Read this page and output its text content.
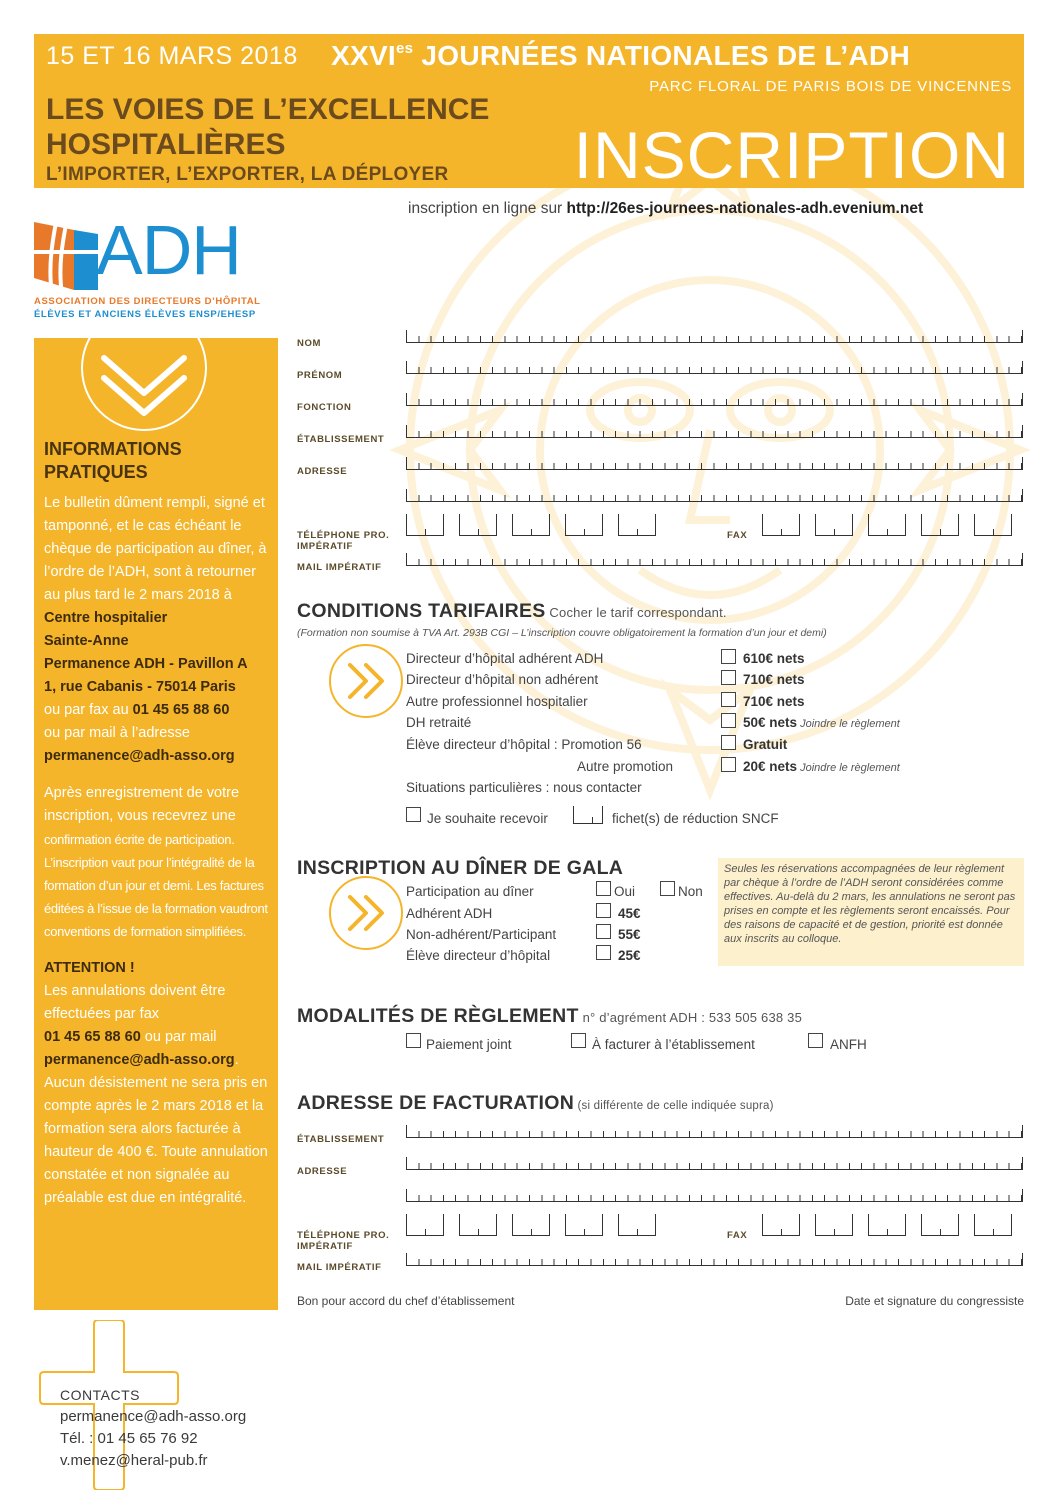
15 ET 16 MARS 2018 $XXVI^{es}$ JOURNÉES NATIONALES DE L’ADH
PARC FLORAL DE PARIS BOIS DE VINCENNES
LES VOIES DE L’EXCELLENCE
HOSPITALIÈRES
L’IMPORTER, L’EXPORTER, LA DÉPLOYER INSCRIPTION
ADH
ASSOCIATION DES DIRECTEURS D’HÔPITAL
ÉLÈVES ET ANCIENS ÉLÈVES ENSP/EHESP
inscription en ligne sur http://26es-journees-nationales-adh.evenium.net
INFORMATIONS PRATIQUES

Le bulletin dûment rempli, signé et tamponné, et le cas échéant le chèque de participation au dîner, à l’ordre de l’ADH, sont à retourner au plus tard le 2 mars 2018 à

Centre hospitalier

Sainte-Anne

Permanence ADH - Pavillon A

1, rue Cabanis - 75014 Paris

ou par fax au 01 45 65 88 60

ou par mail à l’adresse

permanence@adh-asso.org

Après enregistrement de votre inscription, vous recevrez une

confirmation écrite de participation. L’inscription vaut pour l’intégralité de la formation d’un jour et demi. Les factures éditées à l’issue de la formation vaudront conventions de formation simplifiées.

ATTENTION !

Les annulations doivent être effectuées par fax
01 45 65 88 60 ou par mail
permanence@adh-asso.org. Aucun désistement ne sera pris en compte après le 2 mars 2018 et la formation sera alors facturée à hauteur de 400 €. Toute annulation constatée et non signalée au préalable est due en intégralité.

CONTACTS
permanence@adh-asso.org
Tél. : 01 45 65 76 92
v.menez@heral-pub.fr
NOM
PRÉNOM
FONCTION
ÉTABLISSEMENT
ADRESSE
TÉLÉPHONE PRO.
IMPÉRATIF
FAX
MAIL IMPÉRATIF
CONDITIONS TARIFAIRES Cocher le tarif correspondant.
(Formation non soumise à TVA Art. 293B CGI – L’inscription couvre obligatoirement la formation d’un jour et demi)
Directeur d’hôpital adhérent ADH	610€ nets
Directeur d’hôpital non adhérent	710€ nets
Autre professionnel hospitalier	710€ nets
DH retraité	50€ nets Joindre le règlement
Élève directeur d’hôpital : Promotion 56	Gratuit
Autre promotion	20€ nets Joindre le règlement
Situations particulières : nous contacter
Je souhaite recevoir	fichet(s) de réduction SNCF
INSCRIPTION AU DÎNER DE GALA	Seules les réservations accompagnées de leur règlement par chèque à l’ordre de l’ADH seront considérées comme effectives. Au-delà du 2 mars, les annulations ne seront pas prises en compte et les règlements seront encaissés. Pour des raisons de capacité et de gestion, priorité est donnée aux inscrits au colloque.
Participation au dîner	Oui	Non
Adhérent ADH	45€
Non-adhérent/Participant	55€
Élève directeur d’hôpital	25€
MODALITÉS DE RÈGLEMENT n° d’agrément ADH : 533 505 638 35
Paiement joint	À facturer à l’établissement	ANFH
ADRESSE DE FACTURATION (si différente de celle indiquée supra)
ÉTABLISSEMENT
ADRESSE
TÉLÉPHONE PRO.
IMPÉRATIF
FAX
MAIL IMPÉRATIF
Bon pour accord du chef d’établissement	Date et signature du congressiste
